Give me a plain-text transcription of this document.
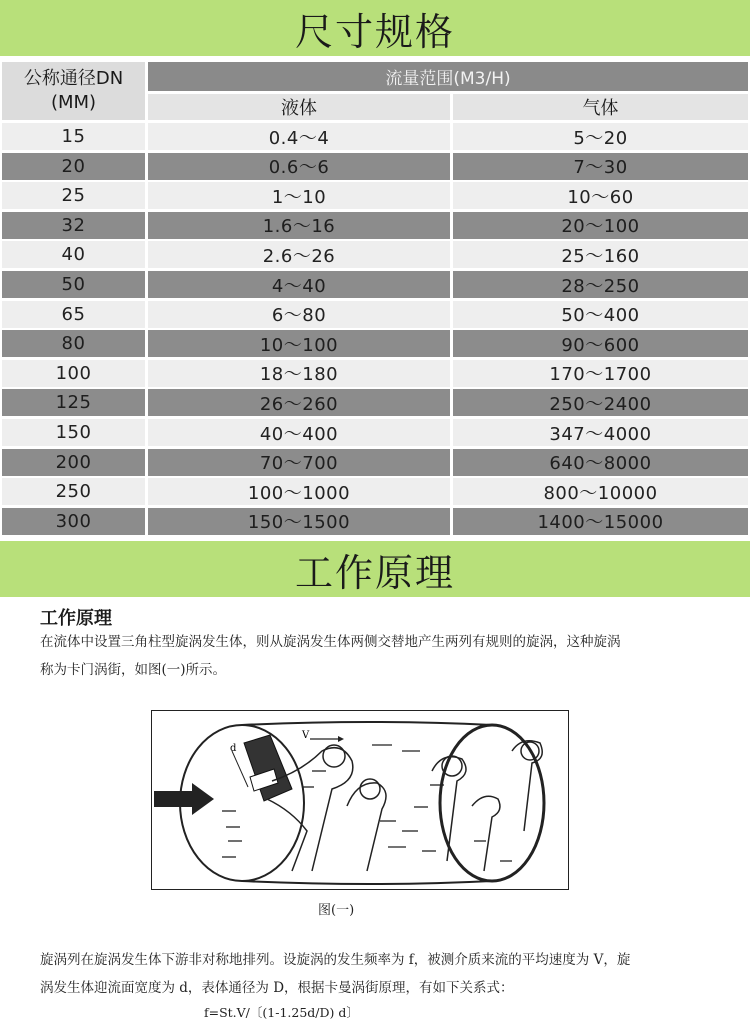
尺寸规格
公称通径DN
(MM)
流量范围(M3/H)
液体	气体
15	0.4～4	5～20
20	0.6～6	7～30
25	1～10	10～60
32	1.6～16	20～100
40	2.6～26	25～160
50	4～40	28～250
65	6～80	50～400
80	10～100	90～600
100	18～180	170～1700
125	26～260	250～2400
150	40～400	347～4000
200	70～700	640～8000
250	100～1000	800～10000
300	150～1500	1400～15000
工作原理
工作原理
在流体中设置三角柱型旋涡发生体，则从旋涡发生体两侧交替地产生两列有规则的旋涡，这种旋涡
称为卡门涡街，如图(一)所示。
d
V
图(一)
旋涡列在旋涡发生体下游非对称地排列。设旋涡的发生频率为 f，被测介质来流的平均速度为 V，旋
涡发生体迎流面宽度为 d，表体通径为 D，根据卡曼涡街原理，有如下关系式：
f=St.V/〔(1-1.25d/D) d〕
